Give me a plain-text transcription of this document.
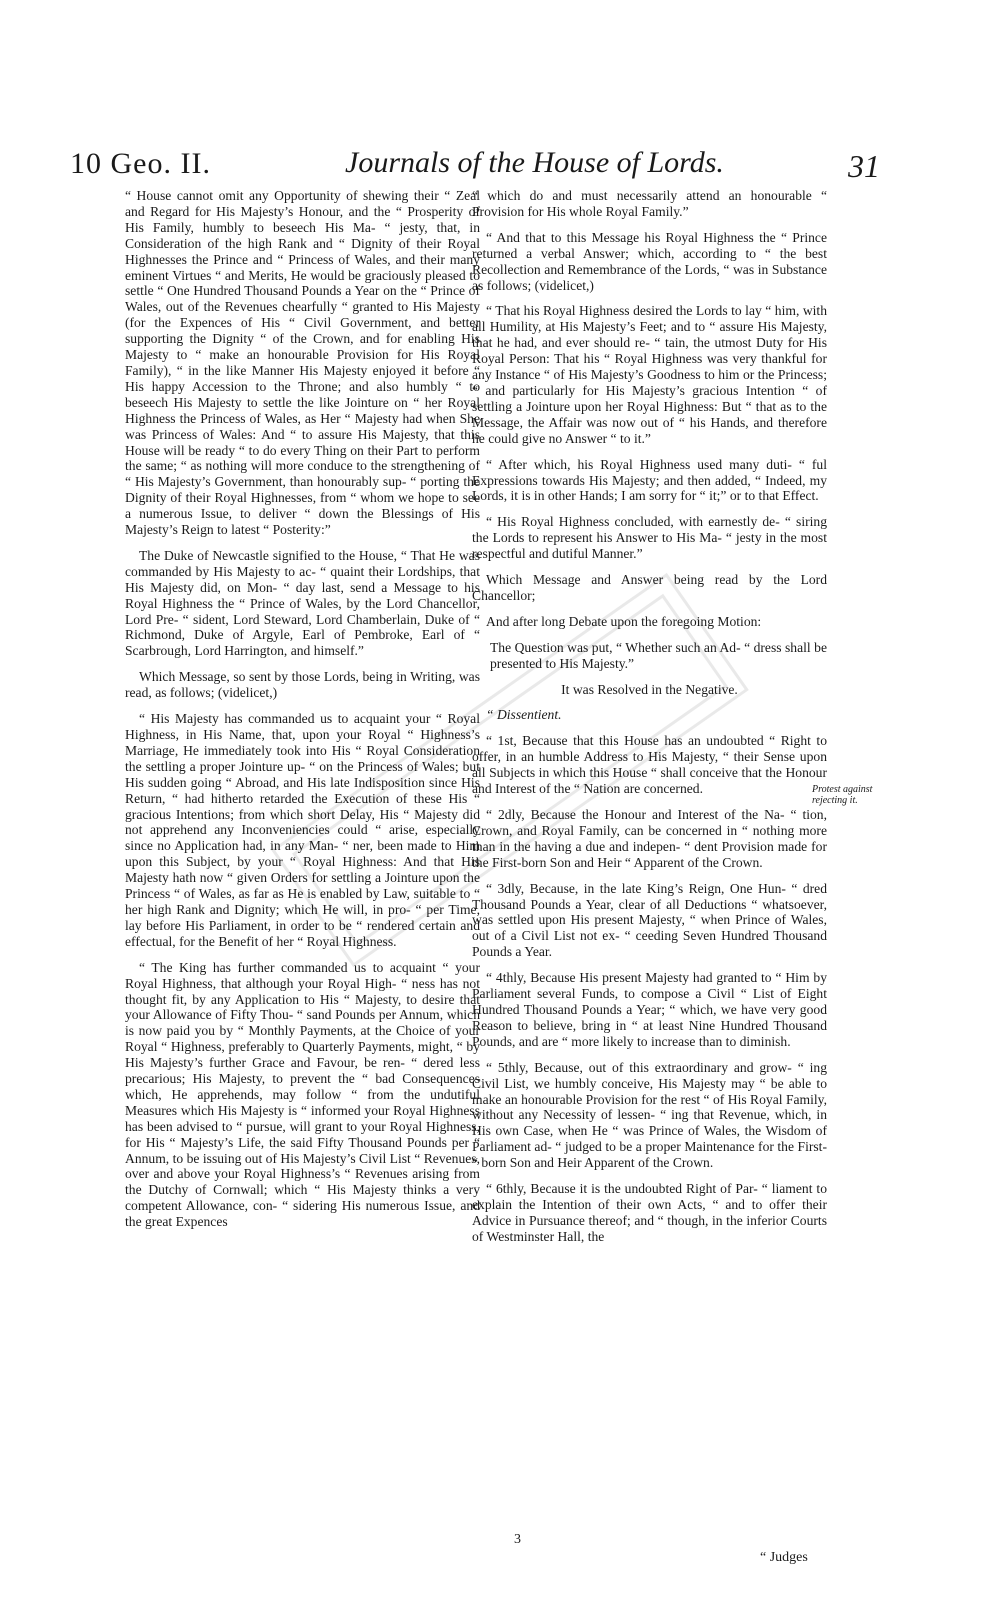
10 Geo. II.	Journals of the House of Lords.	31

“ House cannot omit any Opportunity of shewing their “ Zeal and Regard for His Majesty’s Honour, and the “ Prosperity of His Family, humbly to beseech His Ma- “ jesty, that, in Consideration of the high Rank and “ Dignity of their Royal Highnesses the Prince and “ Princess of Wales, and their many eminent Virtues “ and Merits, He would be graciously pleased to settle “ One Hundred Thousand Pounds a Year on the “ Prince of Wales, out of the Revenues chearfully “ granted to His Majesty (for the Expences of His “ Civil Government, and better supporting the Dignity “ of the Crown, and for enabling His Majesty to “ make an honourable Provision for His Royal Family), “ in the like Manner His Majesty enjoyed it before “ His happy Accession to the Throne; and also humbly “ to beseech His Majesty to settle the like Jointure on “ her Royal Highness the Princess of Wales, as Her “ Majesty had when She was Princess of Wales: And “ to assure His Majesty, that this House will be ready “ to do every Thing on their Part to perform the same; “ as nothing will more conduce to the strengthening of “ His Majesty’s Government, than honourably sup- “ porting the Dignity of their Royal Highnesses, from “ whom we hope to see a numerous Issue, to deliver “ down the Blessings of His Majesty’s Reign to latest “ Posterity:”

The Duke of Newcastle signified to the House, “ That He was commanded by His Majesty to ac- “ quaint their Lordships, that His Majesty did, on Mon- “ day last, send a Message to his Royal Highness the “ Prince of Wales, by the Lord Chancellor, Lord Pre- “ sident, Lord Steward, Lord Chamberlain, Duke of “ Richmond, Duke of Argyle, Earl of Pembroke, Earl of “ Scarbrough, Lord Harrington, and himself.”

Which Message, so sent by those Lords, being in Writing, was read, as follows; (videlicet,)

“ His Majesty has commanded us to acquaint your “ Royal Highness, in His Name, that, upon your Royal “ Highness’s Marriage, He immediately took into His “ Royal Consideration the settling a proper Jointure up- “ on the Princess of Wales; but His sudden going “ Abroad, and His late Indisposition since His Return, “ had hitherto retarded the Execution of these His “ gracious Intentions; from which short Delay, His “ Majesty did not apprehend any Inconveniencies could “ arise, especially since no Application had, in any Man- “ ner, been made to Him upon this Subject, by your “ Royal Highness: And that His Majesty hath now “ given Orders for settling a Jointure upon the Princess “ of Wales, as far as He is enabled by Law, suitable to “ her high Rank and Dignity; which He will, in pro- “ per Time, lay before His Parliament, in order to be “ rendered certain and effectual, for the Benefit of her “ Royal Highness.

“ The King has further commanded us to acquaint “ your Royal Highness, that although your Royal High- “ ness has not thought fit, by any Application to His “ Majesty, to desire that your Allowance of Fifty Thou- “ sand Pounds per Annum, which is now paid you by “ Monthly Payments, at the Choice of your Royal “ Highness, preferably to Quarterly Payments, might, “ by His Majesty’s further Grace and Favour, be ren- “ dered less precarious; His Majesty, to prevent the “ bad Consequences which, He apprehends, may follow “ from the undutiful Measures which His Majesty is “ informed your Royal Highness has been advised to “ pursue, will grant to your Royal Highness, for His “ Majesty’s Life, the said Fifty Thousand Pounds per “ Annum, to be issuing out of His Majesty’s Civil List “ Revenues, over and above your Royal Highness’s “ Revenues arising from the Dutchy of Cornwall; which “ His Majesty thinks a very competent Allowance, con- “ sidering His numerous Issue, and the great Expences

“ which do and must necessarily attend an honourable “ Provision for His whole Royal Family.”

“ And that to this Message his Royal Highness the “ Prince returned a verbal Answer; which, according to “ the best Recollection and Remembrance of the Lords, “ was in Substance as follows; (videlicet,)

“ That his Royal Highness desired the Lords to lay “ him, with all Humility, at His Majesty’s Feet; and to “ assure His Majesty, that he had, and ever should re- “ tain, the utmost Duty for His Royal Person: That his “ Royal Highness was very thankful for any Instance “ of His Majesty’s Goodness to him or the Princess; “ and particularly for His Majesty’s gracious Intention “ of settling a Jointure upon her Royal Highness: But “ that as to the Message, the Affair was now out of “ his Hands, and therefore he could give no Answer “ to it.”

“ After which, his Royal Highness used many duti- “ ful Expressions towards His Majesty; and then added, “ Indeed, my Lords, it is in other Hands; I am sorry for “ it;” or to that Effect.

“ His Royal Highness concluded, with earnestly de- “ siring the Lords to represent his Answer to His Ma- “ jesty in the most respectful and dutiful Manner.”

Which Message and Answer being read by the Lord Chancellor;

And after long Debate upon the foregoing Motion:

The Question was put, “ Whether such an Ad- “ dress shall be presented to His Majesty.”

It was Resolved in the Negative.

“ Dissentient.

“ 1st, Because that this House has an undoubted “ Right to offer, in an humble Address to His Majesty, “ their Sense upon all Subjects in which this House “ shall conceive that the Honour and Interest of the “ Nation are concerned.

“ 2dly, Because the Honour and Interest of the Na- “ tion, Crown, and Royal Family, can be concerned in “ nothing more than in the having a due and indepen- “ dent Provision made for the First-born Son and Heir “ Apparent of the Crown.

“ 3dly, Because, in the late King’s Reign, One Hun- “ dred Thousand Pounds a Year, clear of all Deductions “ whatsoever, was settled upon His present Majesty, “ when Prince of Wales, out of a Civil List not ex- “ ceeding Seven Hundred Thousand Pounds a Year.

“ 4thly, Because His present Majesty had granted to “ Him by Parliament several Funds, to compose a Civil “ List of Eight Hundred Thousand Pounds a Year; “ which, we have very good Reason to believe, bring in “ at least Nine Hundred Thousand Pounds, and are “ more likely to increase than to diminish.

“ 5thly, Because, out of this extraordinary and grow- “ ing Civil List, we humbly conceive, His Majesty may “ be able to make an honourable Provision for the rest “ of His Royal Family, without any Necessity of lessen- “ ing that Revenue, which, in His own Case, when He “ was Prince of Wales, the Wisdom of Parliament ad- “ judged to be a proper Maintenance for the First- “ born Son and Heir Apparent of the Crown.

“ 6thly, Because it is the undoubted Right of Par- “ liament to explain the Intention of their own Acts, “ and to offer their Advice in Pursuance thereof; and “ though, in the inferior Courts of Westminster Hall, the

Protest against rejecting it.
3
“ Judges
